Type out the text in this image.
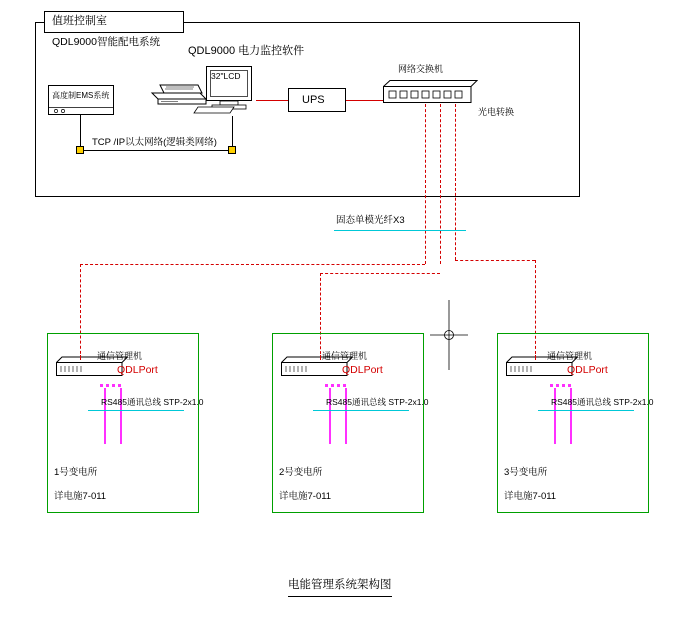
值班控制室
QDL9000智能配电系统
QDL9000 电力监控软件
高度制EMS系统
32"LCD
UPS
网络交换机
光电转换
TCP /IP以太网络(逻辑类网络)
固态单模光纤X3
通信管理机
QDLPort
RS485通讯总线 STP-2x1.0
1号变电所
详电施7-011
通信管理机
QDLPort
RS485通讯总线 STP-2x1.0
2号变电所
详电施7-011
通信管理机
QDLPort
RS485通讯总线 STP-2x1.0
3号变电所
详电施7-011
电能管理系统架构图
